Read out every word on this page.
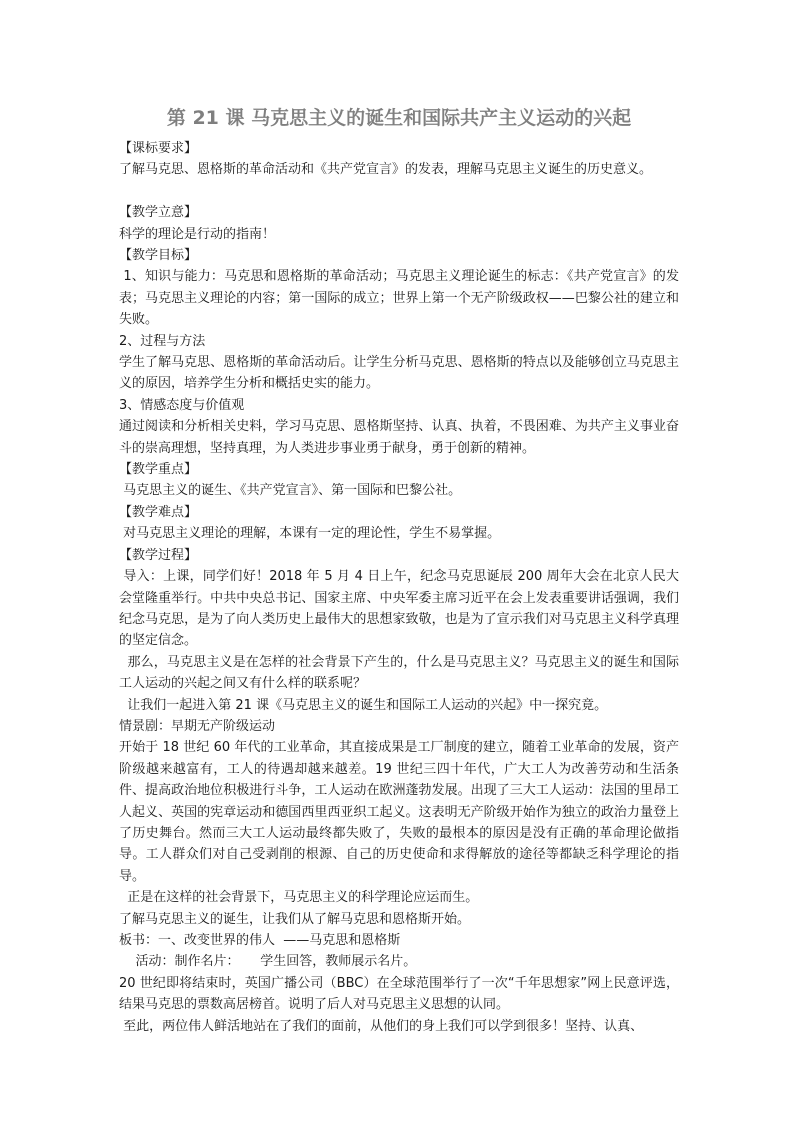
第 21 课 马克思主义的诞生和国际共产主义运动的兴起
【课标要求】
了解马克思、恩格斯的革命活动和《共产党宣言》的发表，理解马克思主义诞生的历史意义。
【教学立意】
科学的理论是行动的指南！
【教学目标】
1、知识与能力：马克思和恩格斯的革命活动；马克思主义理论诞生的标志：《共产党宣言》的发表；马克思主义理论的内容；第一国际的成立；世界上第一个无产阶级政权——巴黎公社的建立和失败。
2、过程与方法
学生了解马克思、恩格斯的革命活动后。让学生分析马克思、恩格斯的特点以及能够创立马克思主义的原因，培养学生分析和概括史实的能力。
3、情感态度与价值观
通过阅读和分析相关史料，学习马克思、恩格斯坚持、认真、执着，不畏困难、为共产主义事业奋斗的崇高理想，坚持真理，为人类进步事业勇于献身，勇于创新的精神。
【教学重点】
马克思主义的诞生、《共产党宣言》、第一国际和巴黎公社。
【教学难点】
对马克思主义理论的理解，本课有一定的理论性，学生不易掌握。
【教学过程】
导入：上课，同学们好！2018 年 5 月 4 日上午，纪念马克思诞辰 200 周年大会在北京人民大会堂隆重举行。中共中央总书记、国家主席、中央军委主席习近平在会上发表重要讲话强调，我们纪念马克思，是为了向人类历史上最伟大的思想家致敬，也是为了宣示我们对马克思主义科学真理的坚定信念。
那么，马克思主义是在怎样的社会背景下产生的，什么是马克思主义？马克思主义的诞生和国际工人运动的兴起之间又有什么样的联系呢？
让我们一起进入第 21 课《马克思主义的诞生和国际工人运动的兴起》中一探究竟。
情景剧：早期无产阶级运动
开始于 18 世纪 60 年代的工业革命，其直接成果是工厂制度的建立，随着工业革命的发展，资产阶级越来越富有，工人的待遇却越来越差。19 世纪三四十年代，广大工人为改善劳动和生活条件、提高政治地位积极进行斗争，工人运动在欧洲蓬勃发展。出现了三大工人运动：法国的里昂工人起义、英国的宪章运动和德国西里西亚织工起义。这表明无产阶级开始作为独立的政治力量登上了历史舞台。然而三大工人运动最终都失败了，失败的最根本的原因是没有正确的革命理论做指导。工人群众们对自己受剥削的根源、自己的历史使命和求得解放的途径等都缺乏科学理论的指导。
正是在这样的社会背景下，马克思主义的科学理论应运而生。
了解马克思主义的诞生，让我们从了解马克思和恩格斯开始。
板书：一、改变世界的伟人  ——马克思和恩格斯
活动：制作名片：     学生回答，教师展示名片。
20 世纪即将结束时，英国广播公司（BBC）在全球范围举行了一次“千年思想家”网上民意评选，结果马克思的票数高居榜首。说明了后人对马克思主义思想的认同。
至此，两位伟人鲜活地站在了我们的面前，从他们的身上我们可以学到很多！坚持、认真、
